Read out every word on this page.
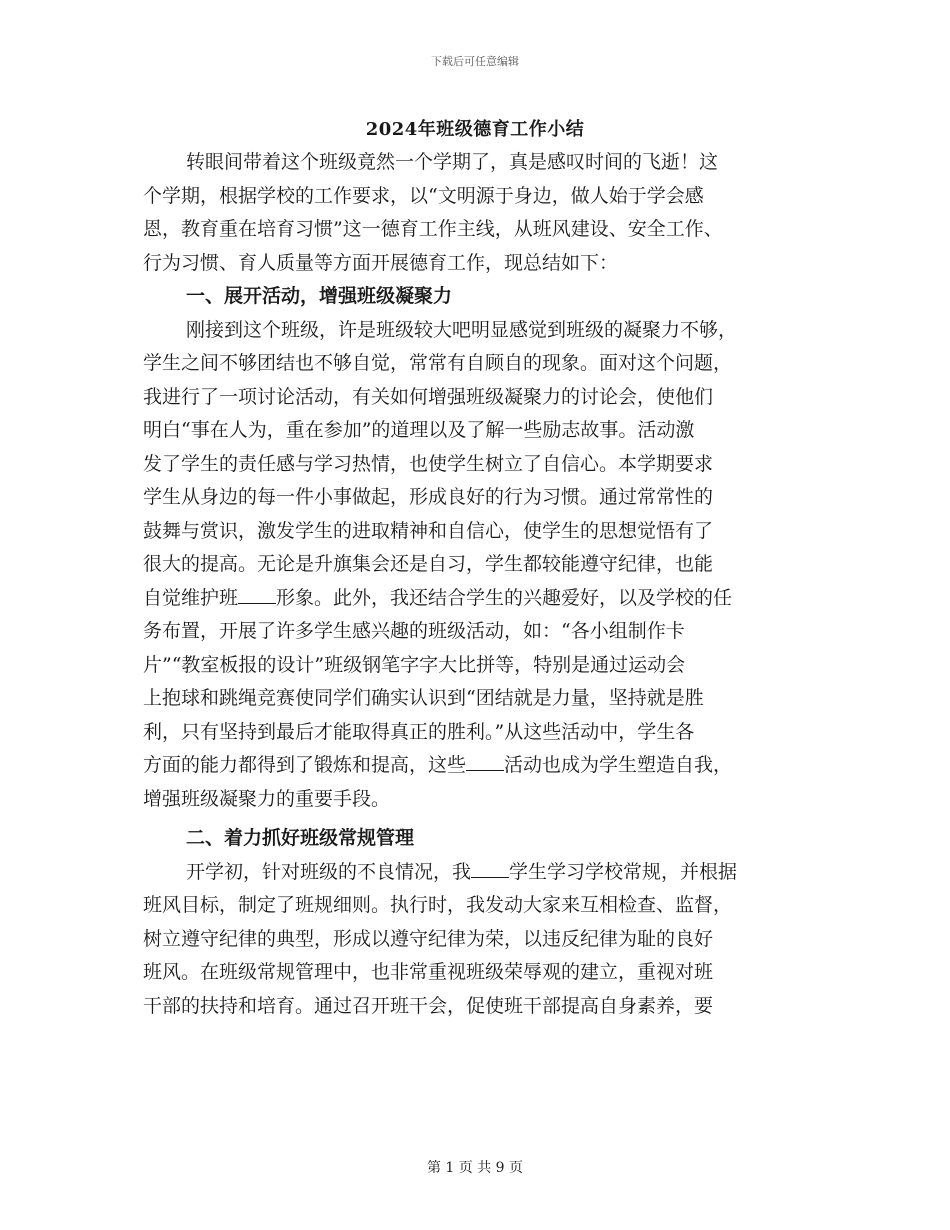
下载后可任意编辑
2024年班级德育工作小结
转眼间带着这个班级竟然一个学期了，真是感叹时间的飞逝！这
个学期，根据学校的工作要求，以“文明源于身边，做人始于学会感
恩，教育重在培育习惯”这一德育工作主线，从班风建设、安全工作、
行为习惯、育人质量等方面开展德育工作，现总结如下：
一、展开活动，增强班级凝聚力
刚接到这个班级，许是班级较大吧明显感觉到班级的凝聚力不够，
学生之间不够团结也不够自觉，常常有自顾自的现象。面对这个问题，
我进行了一项讨论活动，有关如何增强班级凝聚力的讨论会，使他们
明白“事在人为，重在参加”的道理以及了解一些励志故事。活动激
发了学生的责任感与学习热情，也使学生树立了自信心。本学期要求
学生从身边的每一件小事做起，形成良好的行为习惯。通过常常性的
鼓舞与赏识，激发学生的进取精神和自信心，使学生的思想觉悟有了
很大的提高。无论是升旗集会还是自习，学生都较能遵守纪律，也能
自觉维护班 形象。此外，我还结合学生的兴趣爱好，以及学校的任
务布置，开展了许多学生感兴趣的班级活动，如：“各小组制作卡
片”“教室板报的设计”班级钢笔字字大比拼等，特别是通过运动会
上抱球和跳绳竞赛使同学们确实认识到“团结就是力量，坚持就是胜
利，只有坚持到最后才能取得真正的胜利。”从这些活动中，学生各
方面的能力都得到了锻炼和提高，这些 活动也成为学生塑造自我，
增强班级凝聚力的重要手段。
二、着力抓好班级常规管理
开学初，针对班级的不良情况，我 学生学习学校常规，并根据
班风目标，制定了班规细则。执行时，我发动大家来互相检查、监督，
树立遵守纪律的典型，形成以遵守纪律为荣，以违反纪律为耻的良好
班风。在班级常规管理中，也非常重视班级荣辱观的建立，重视对班
干部的扶持和培育。通过召开班干会，促使班干部提高自身素养，要
第 1 页 共 9 页
